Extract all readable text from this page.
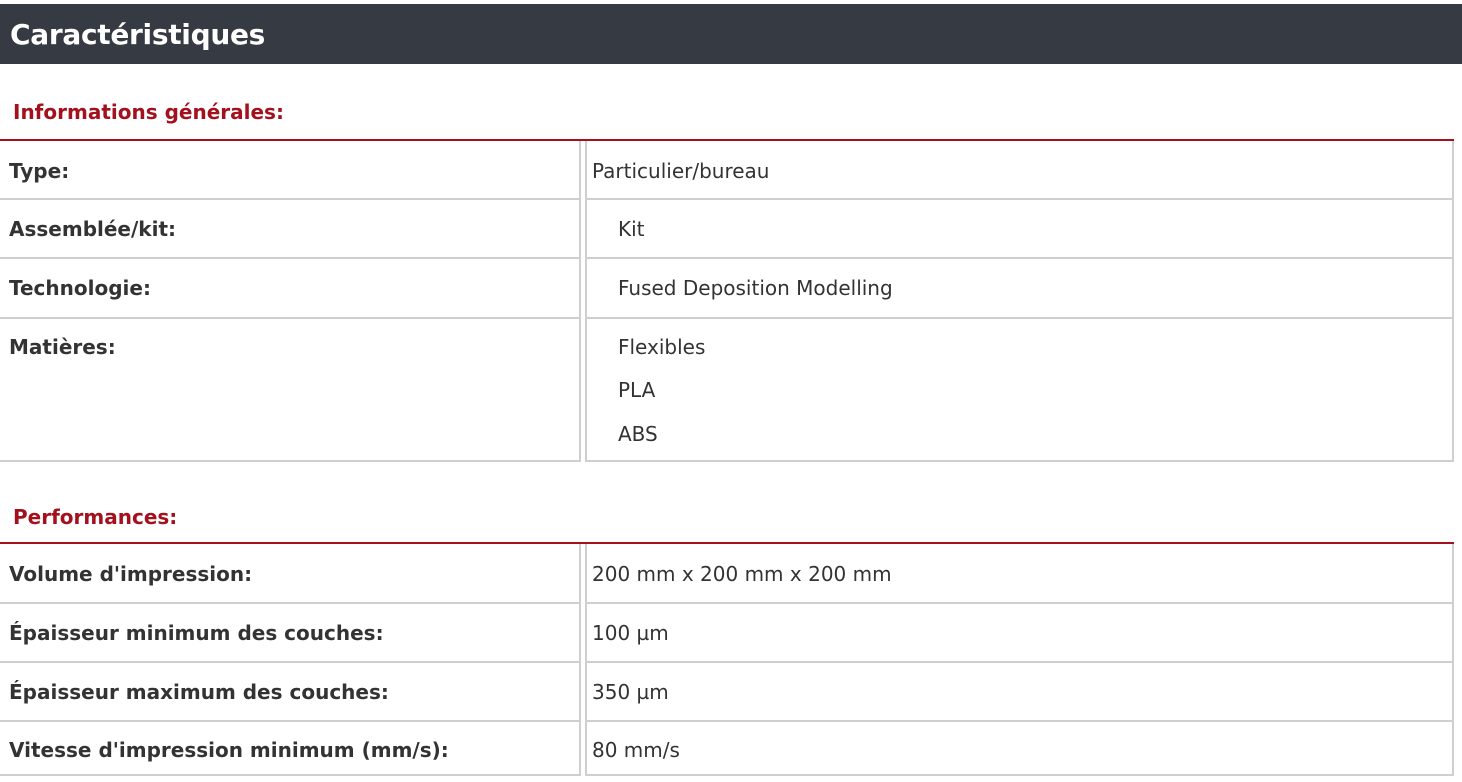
Caractéristiques
Informations générales:
Type:	Particulier/bureau
Assemblée/kit:	Kit
Technologie:	Fused Deposition Modelling
Matières:	Flexibles
PLA
ABS
Performances:
Volume d'impression:	200 mm x 200 mm x 200 mm
Épaisseur minimum des couches:	100 µm
Épaisseur maximum des couches:	350 µm
Vitesse d'impression minimum (mm/s):	80 mm/s
